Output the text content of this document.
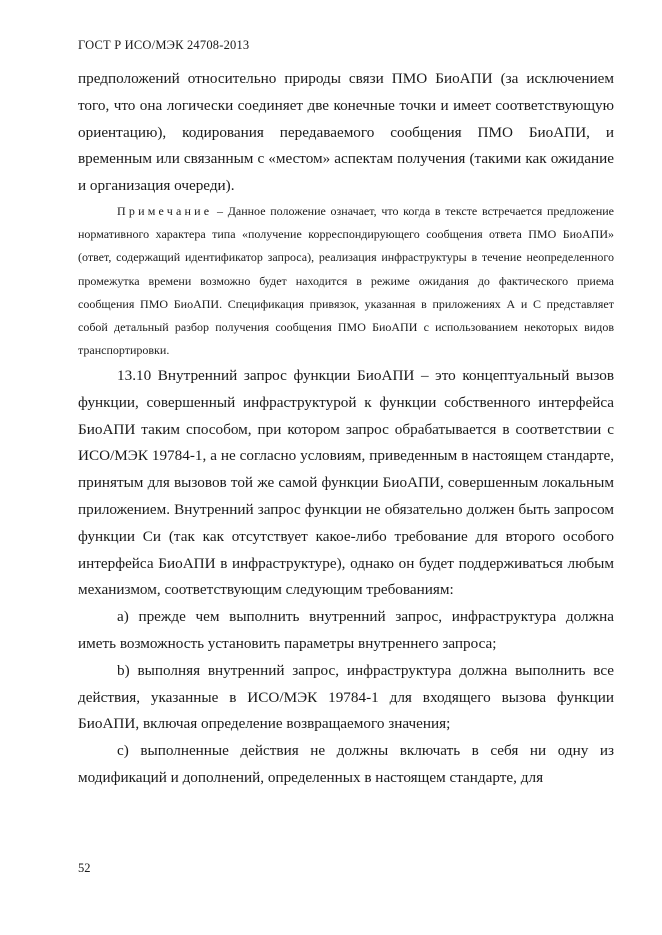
ГОСТ Р ИСО/МЭК 24708-2013

предположений относительно природы связи ПМО БиоАПИ (за исключением того, что она логически соединяет две конечные точки и имеет соответствующую ориентацию), кодирования передаваемого сообщения ПМО БиоАПИ, и временным или связанным с «местом» аспектам получения (такими как ожидание и организация очереди).

Примечание – Данное положение означает, что когда в тексте встречается предложение нормативного характера типа «получение корреспондирующего сообщения ответа ПМО БиоАПИ» (ответ, содержащий идентификатор запроса), реализация инфраструктуры в течение неопределенного промежутка времени возможно будет находится в режиме ожидания до фактического приема сообщения ПМО БиоАПИ. Спецификация привязок, указанная в приложениях А и С представляет собой детальный разбор получения сообщения ПМО БиоАПИ с использованием некоторых видов транспортировки.

13.10 Внутренний запрос функции БиоАПИ – это концептуальный вызов функции, совершенный инфраструктурой к функции собственного интерфейса БиоАПИ таким способом, при котором запрос обрабатывается в соответствии с ИСО/МЭК 19784-1, а не согласно условиям, приведенным в настоящем стандарте, принятым для вызовов той же самой функции БиоАПИ, совершенным локальным приложением. Внутренний запрос функции не обязательно должен быть запросом функции Си (так как отсутствует какое-либо требование для второго особого интерфейса БиоАПИ в инфраструктуре), однако он будет поддерживаться любым механизмом, соответствующим следующим требованиям:

а) прежде чем выполнить внутренний запрос, инфраструктура должна иметь возможность установить параметры внутреннего запроса;

b) выполняя внутренний запрос, инфраструктура должна выполнить все действия, указанные в ИСО/МЭК 19784-1 для входящего вызова функции БиоАПИ, включая определение возвращаемого значения;

c) выполненные действия не должны включать в себя ни одну из модификаций и дополнений, определенных в настоящем стандарте, для

52
